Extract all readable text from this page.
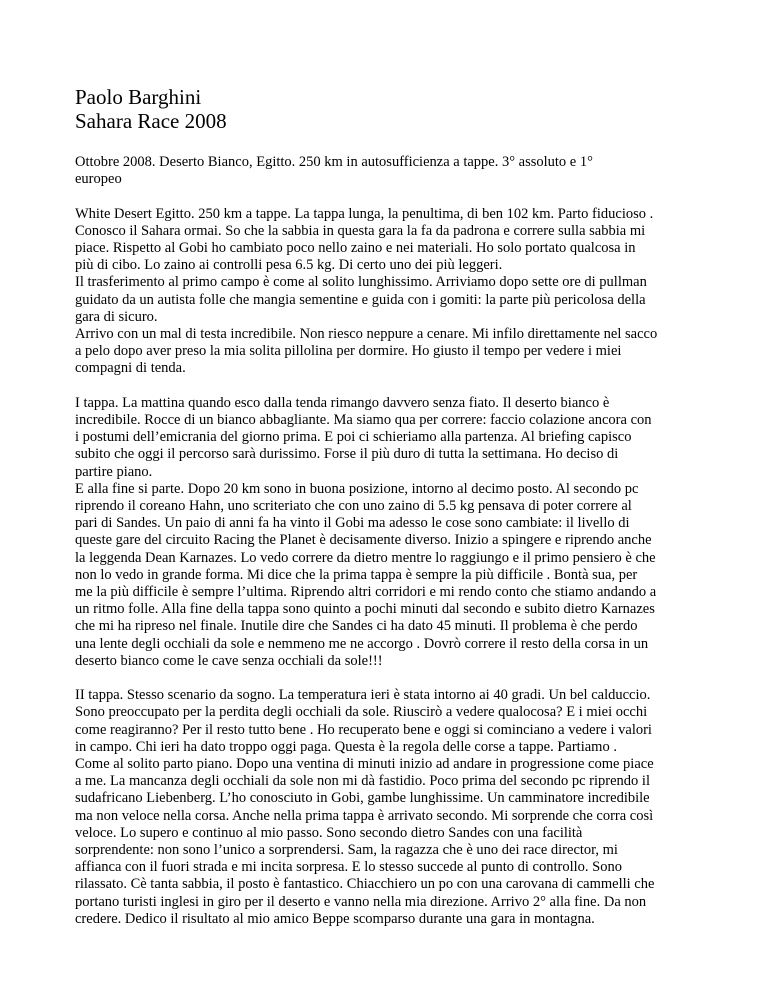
Paolo Barghini
Sahara Race 2008
Ottobre 2008. Deserto Bianco, Egitto. 250 km in autosufficienza a tappe. 3° assoluto e 1°
europeo
White Desert Egitto. 250 km a tappe. La tappa lunga, la penultima, di ben 102 km. Parto fiducioso .
Conosco il Sahara ormai. So che la sabbia in questa gara la fa da padrona e correre sulla sabbia mi
piace. Rispetto al Gobi ho cambiato poco nello zaino e nei materiali. Ho solo portato qualcosa in
più di cibo. Lo zaino ai controlli pesa 6.5 kg. Di certo uno dei più leggeri.
Il trasferimento al primo campo è come al solito lunghissimo. Arriviamo dopo sette ore di pullman
guidato da un autista folle che mangia sementine e guida con i gomiti: la parte più pericolosa della
gara di sicuro.
Arrivo con un mal di testa incredibile. Non riesco neppure a cenare. Mi infilo direttamente nel sacco
a pelo dopo aver preso la mia solita pillolina per dormire. Ho giusto il tempo per vedere i miei
compagni di tenda.
I tappa. La mattina quando esco dalla tenda rimango davvero senza fiato. Il deserto bianco è
incredibile. Rocce di un bianco abbagliante. Ma siamo qua per correre: faccio colazione ancora con
i postumi dell’emicrania del giorno prima. E poi ci schieriamo alla partenza. Al briefing capisco
subito che oggi il percorso sarà durissimo. Forse il più duro di tutta la settimana. Ho deciso di
partire piano.
E alla fine si parte. Dopo 20 km sono in buona posizione, intorno al decimo posto. Al secondo pc
riprendo il coreano Hahn, uno scriteriato che con uno zaino di 5.5 kg pensava di poter correre al
pari di Sandes. Un paio di anni fa ha vinto il Gobi ma adesso le cose sono cambiate: il livello di
queste gare del circuito Racing the Planet è decisamente diverso. Inizio a spingere e riprendo anche
la leggenda Dean Karnazes. Lo vedo correre da dietro mentre lo raggiungo e il primo pensiero è che
non lo vedo in grande forma. Mi dice che la prima tappa è sempre la più difficile . Bontà sua, per
me la più difficile è sempre l’ultima. Riprendo altri corridori e mi rendo conto che stiamo andando a
un ritmo folle. Alla fine della tappa sono quinto a pochi minuti dal secondo e subito dietro Karnazes
che mi ha ripreso nel finale. Inutile dire che Sandes ci ha dato 45 minuti. Il problema è che perdo
una lente degli occhiali da sole e nemmeno me ne accorgo . Dovrò correre il resto della corsa in un
deserto bianco come le cave senza occhiali da sole!!!
II tappa. Stesso scenario da sogno. La temperatura ieri è stata intorno ai 40 gradi. Un bel calduccio.
Sono preoccupato per la perdita degli occhiali da sole. Riuscirò a vedere qualocosa? E i miei occhi
come reagiranno? Per il resto tutto bene . Ho recuperato bene e oggi si cominciano a vedere i valori
in campo. Chi ieri ha dato troppo oggi paga. Questa è la regola delle corse a tappe. Partiamo .
Come al solito parto piano. Dopo una ventina di minuti inizio ad andare in progressione come piace
a me. La mancanza degli occhiali da sole non mi dà fastidio. Poco prima del secondo pc riprendo il
sudafricano Liebenberg. L’ho conosciuto in Gobi, gambe lunghissime. Un camminatore incredibile
ma non veloce nella corsa. Anche nella prima tappa è arrivato secondo. Mi sorprende che corra così
veloce. Lo supero e continuo al mio passo. Sono secondo dietro Sandes con una facilità
sorprendente: non sono l’unico a sorprendersi. Sam, la ragazza che è uno dei race director, mi
affianca con il fuori strada e mi incita sorpresa. E lo stesso succede al punto di controllo. Sono
rilassato. Cè tanta sabbia, il posto è fantastico. Chiacchiero un po con una carovana di cammelli che
portano turisti inglesi in giro per il deserto e vanno nella mia direzione. Arrivo 2° alla fine. Da non
credere. Dedico il risultato al mio amico Beppe scomparso durante una gara in montagna.
